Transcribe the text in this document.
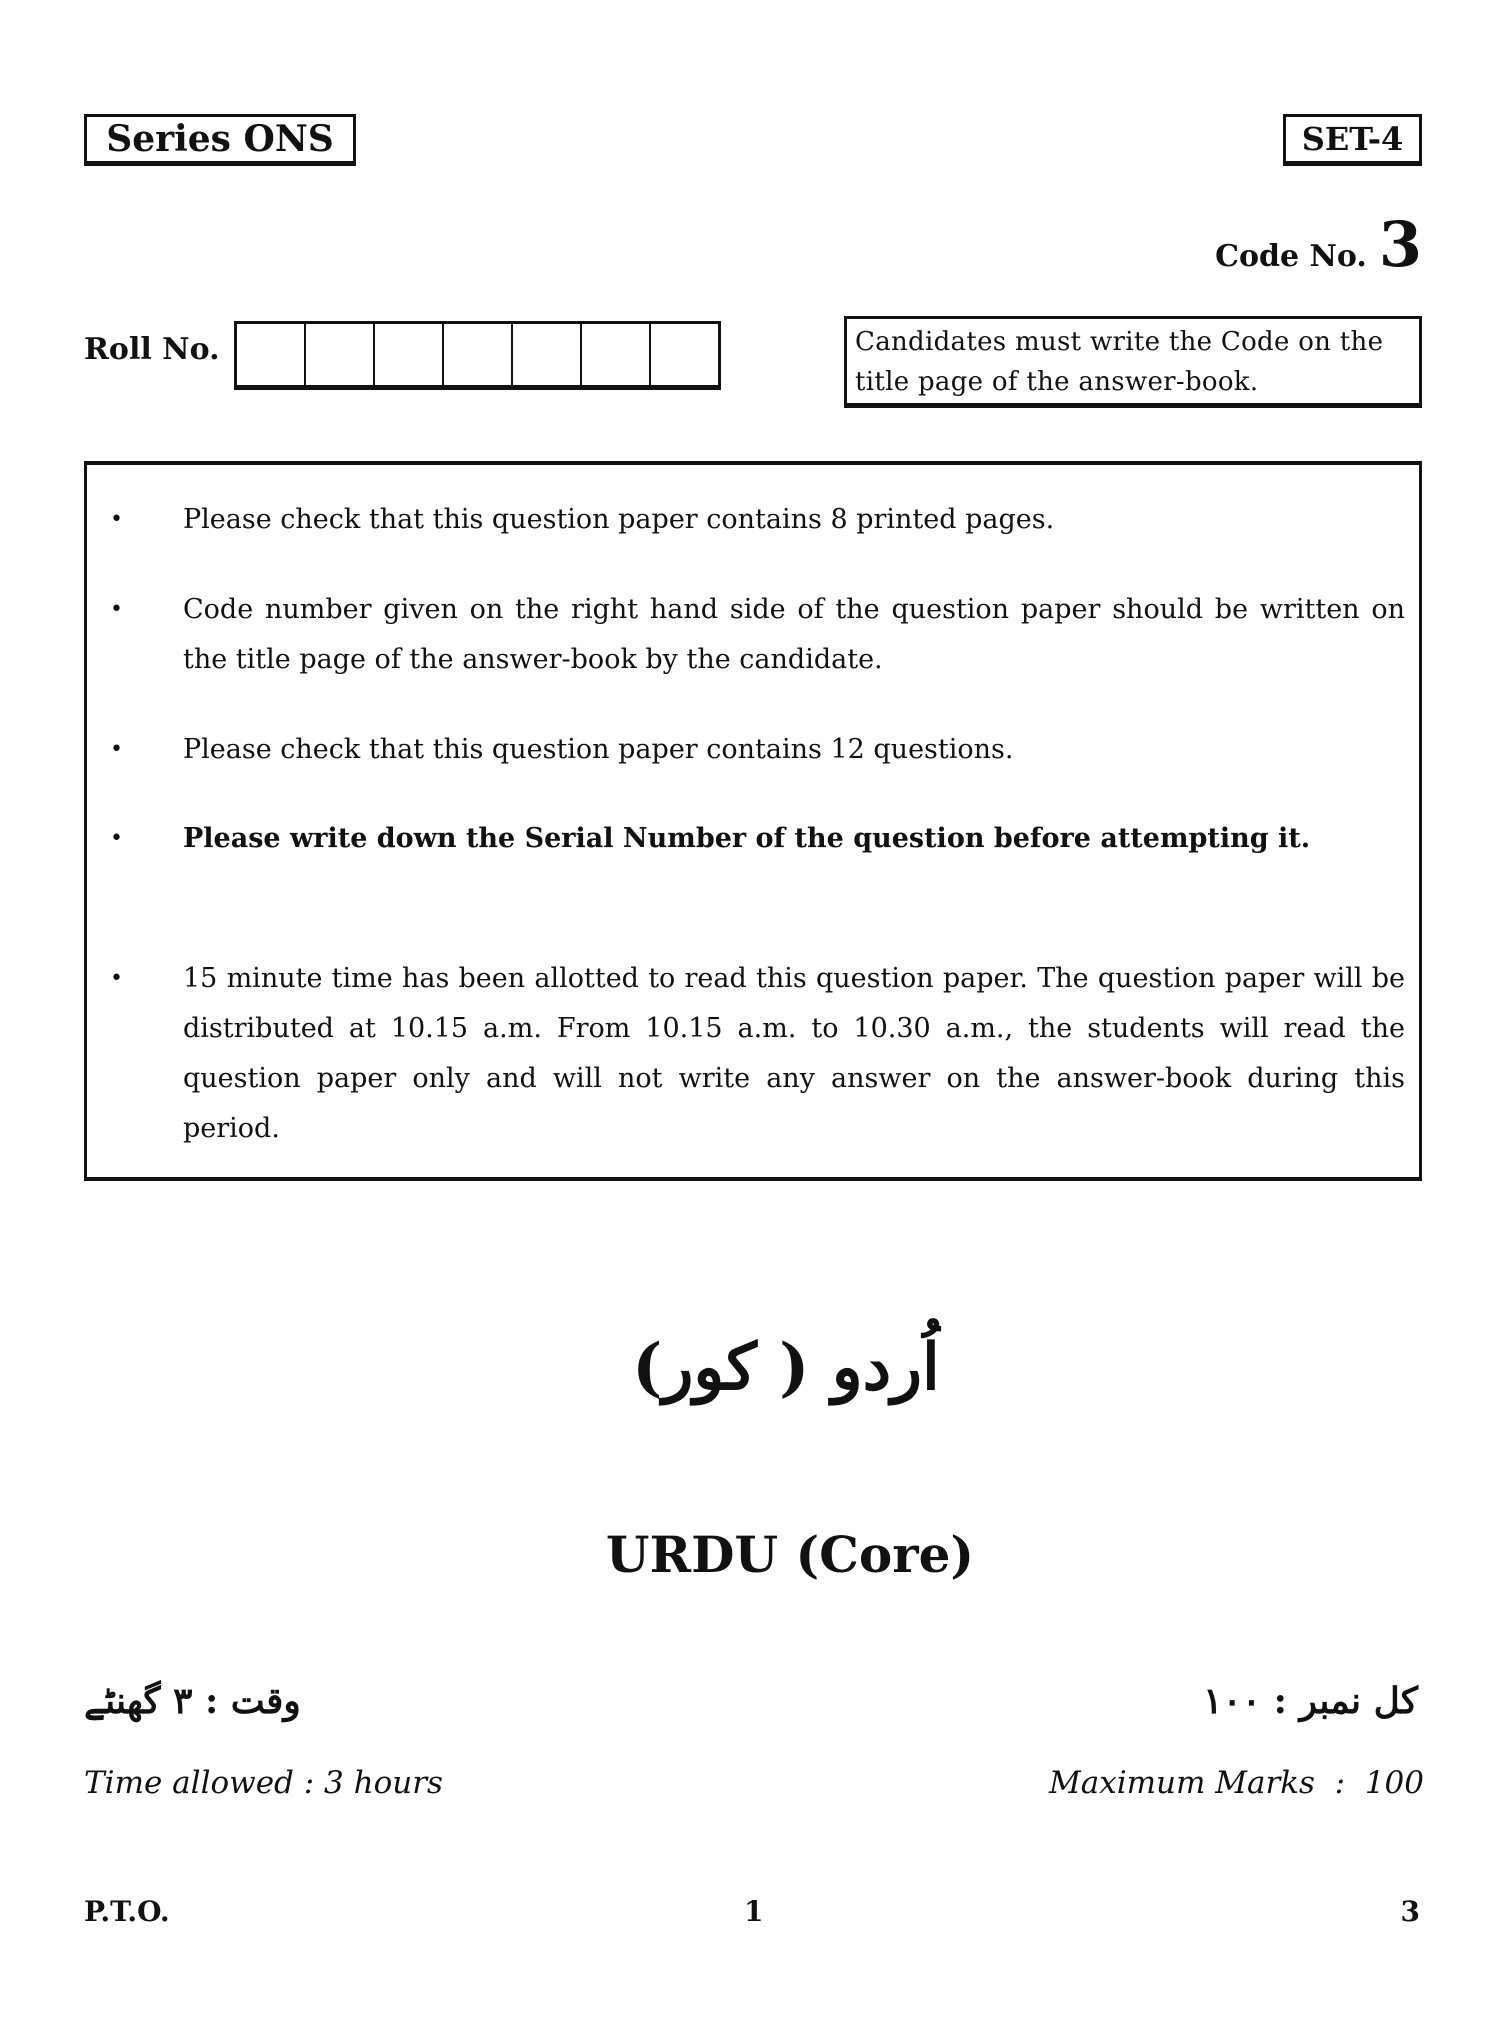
Series ONS	SET-4
Code No. 3
Roll No.	Candidates must write the Code on the title page of the answer-book.
• Please check that this question paper contains 8 printed pages.
• Code number given on the right hand side of the question paper should be written on the title page of the answer-book by the candidate.
• Please check that this question paper contains 12 questions.
• Please write down the Serial Number of the question before attempting it.
• 15 minute time has been allotted to read this question paper. The question paper will be distributed at 10.15 a.m. From 10.15 a.m. to 10.30 a.m., the students will read the question paper only and will not write any answer on the answer-book during this period.
اُردو ( کور)
URDU (Core)
وقت : ۳ گھنٹے	کل نمبر : ۱۰۰
Time allowed : 3 hours	Maximum Marks  :  100
P.T.O.	1	3
